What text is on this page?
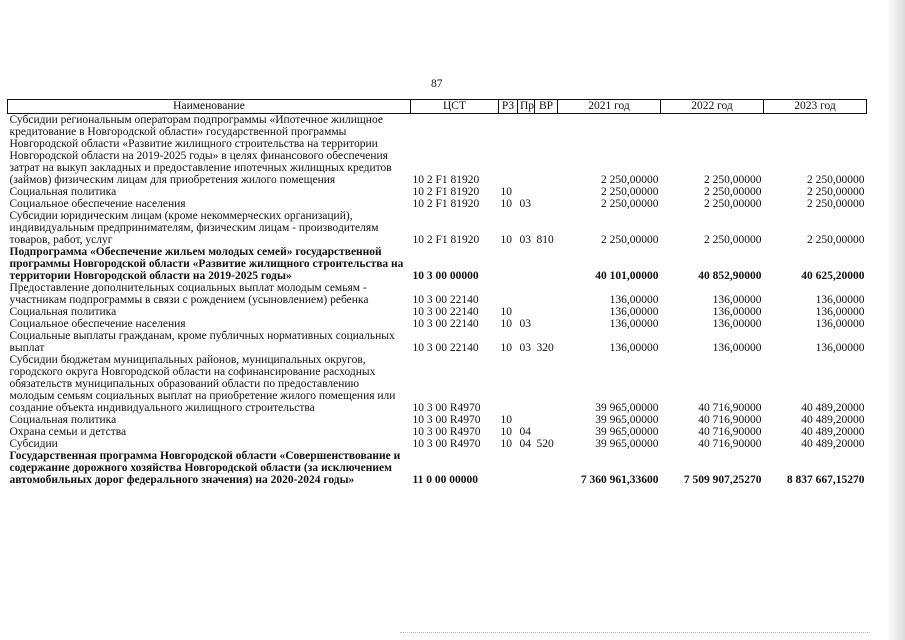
87
Наименование	ЦСТ	РЗ	Пр	ВР	2021 год	2022 год	2023 год
Субсидии региональным операторам подпрограммы «Ипотечное жилищное кредитование в Новгородской области» государственной программы Новгородской области «Развитие жилищного строительства на территории Новгородской области на 2019-2025 годы» в целях финансового обеспечения затрат на выкуп закладных и предоставление ипотечных жилищных кредитов (займов) физическим лицам для приобретения жилого помещения	10 2 F1 81920				2 250,00000	2 250,00000	2 250,00000
Социальная политика	10 2 F1 81920	10			2 250,00000	2 250,00000	2 250,00000
Социальное обеспечение населения	10 2 F1 81920	10	03		2 250,00000	2 250,00000	2 250,00000
Субсидии юридическим лицам (кроме некоммерческих организаций), индивидуальным предпринимателям, физическим лицам - производителям товаров, работ, услуг	10 2 F1 81920	10	03	810	2 250,00000	2 250,00000	2 250,00000
Подпрограмма «Обеспечение жильем молодых семей» государственной программы Новгородской области «Развитие жилищного строительства на территории Новгородской области на 2019-2025 годы»	10 3 00 00000				40 101,00000	40 852,90000	40 625,20000
Предоставление дополнительных социальных выплат молодым семьям - участникам подпрограммы в связи с рождением (усыновлением) ребенка	10 3 00 22140				136,00000	136,00000	136,00000
Социальная политика	10 3 00 22140	10			136,00000	136,00000	136,00000
Социальное обеспечение населения	10 3 00 22140	10	03		136,00000	136,00000	136,00000
Социальные выплаты гражданам, кроме публичных нормативных социальных выплат	10 3 00 22140	10	03	320	136,00000	136,00000	136,00000
Субсидии бюджетам муниципальных районов, муниципальных округов, городского округа Новгородской области на софинансирование расходных обязательств муниципальных образований области по предоставлению молодым семьям социальных выплат на приобретение жилого помещения или создание объекта индивидуального жилищного строительства	10 3 00 R4970				39 965,00000	40 716,90000	40 489,20000
Социальная политика	10 3 00 R4970	10			39 965,00000	40 716,90000	40 489,20000
Охрана семьи и детства	10 3 00 R4970	10	04		39 965,00000	40 716,90000	40 489,20000
Субсидии	10 3 00 R4970	10	04	520	39 965,00000	40 716,90000	40 489,20000
Государственная программа Новгородской области «Совершенствование и содержание дорожного хозяйства Новгородской области (за исключением автомобильных дорог федерального значения) на 2020-2024 годы»	11 0 00 00000				7 360 961,33600	7 509 907,25270	8 837 667,15270
